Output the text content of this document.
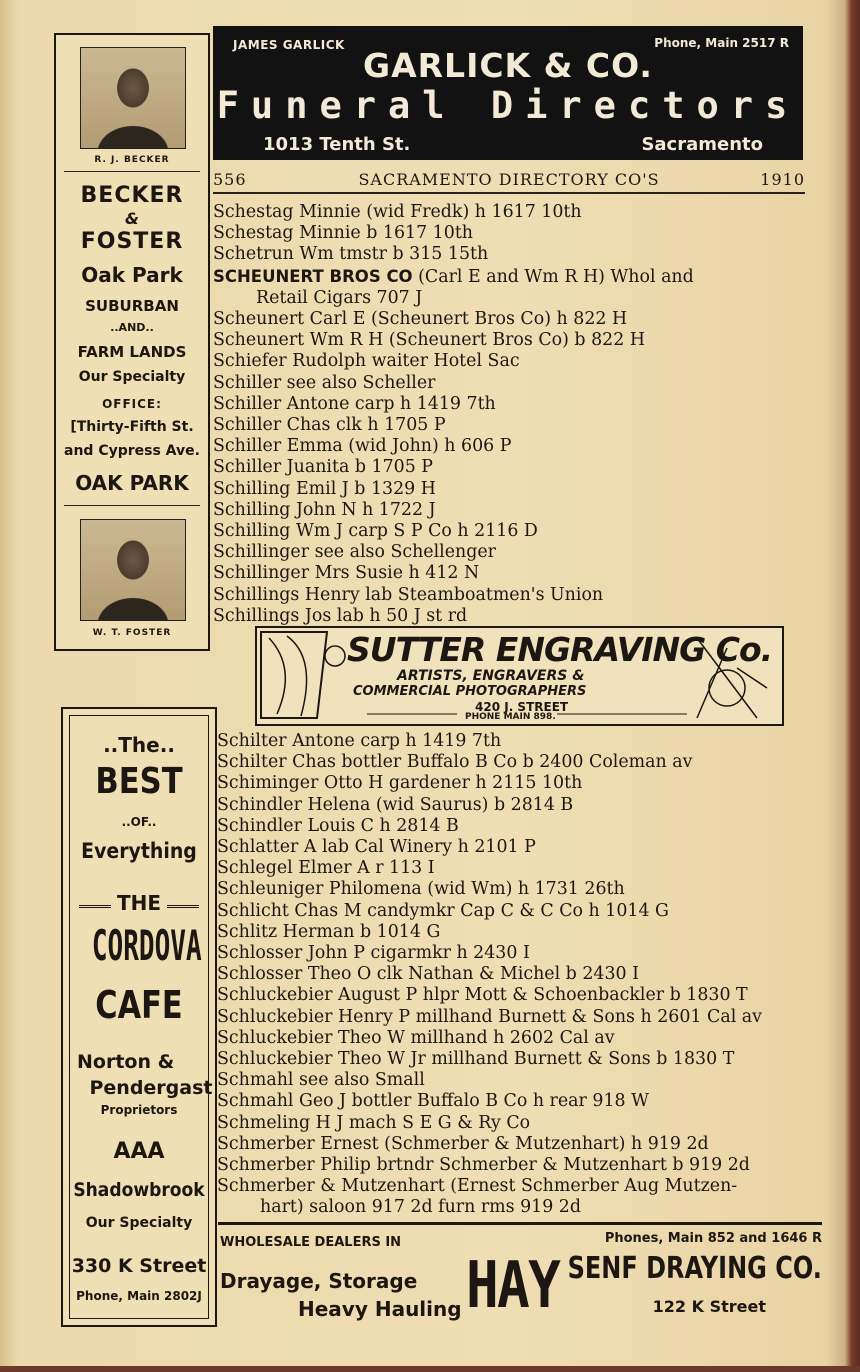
JAMES GARLICK	Phone, Main 2517 R
GARLICK & CO.
Funeral Directors
1013 Tenth St.	Sacramento
556	SACRAMENTO DIRECTORY CO'S	1910
Schestag Minnie (wid Fredk) h 1617 10th
Schestag Minnie b 1617 10th
Schetrun Wm tmstr b 315 15th
SCHEUNERT BROS CO (Carl E and Wm R H) Whol and
Retail Cigars 707 J
Scheunert Carl E (Scheunert Bros Co) h 822 H
Scheunert Wm R H (Scheunert Bros Co) b 822 H
Schiefer Rudolph waiter Hotel Sac
Schiller see also Scheller
Schiller Antone carp h 1419 7th
Schiller Chas clk h 1705 P
Schiller Emma (wid John) h 606 P
Schiller Juanita b 1705 P
Schilling Emil J b 1329 H
Schilling John N h 1722 J
Schilling Wm J carp S P Co h 2116 D
Schillinger see also Schellenger
Schillinger Mrs Susie h 412 N
Schillings Henry lab Steamboatmen's Union
Schillings Jos lab h 50 J st rd
SUTTER ENGRAVING Co.
ARTISTS, ENGRAVERS &
COMMERCIAL PHOTOGRAPHERS
420 J. STREET
PHONE MAIN 898.
Schilter Antone carp h 1419 7th
Schilter Chas bottler Buffalo B Co b 2400 Coleman av
Schiminger Otto H gardener h 2115 10th
Schindler Helena (wid Saurus) b 2814 B
Schindler Louis C h 2814 B
Schlatter A lab Cal Winery h 2101 P
Schlegel Elmer A r 113 I
Schleuniger Philomena (wid Wm) h 1731 26th
Schlicht Chas M candymkr Cap C & C Co h 1014 G
Schlitz Herman b 1014 G
Schlosser John P cigarmkr h 2430 I
Schlosser Theo O clk Nathan & Michel b 2430 I
Schluckebier August P hlpr Mott & Schoenbackler b 1830 T
Schluckebier Henry P millhand Burnett & Sons h 2601 Cal av
Schluckebier Theo W millhand h 2602 Cal av
Schluckebier Theo W Jr millhand Burnett & Sons b 1830 T
Schmahl see also Small
Schmahl Geo J bottler Buffalo B Co h rear 918 W
Schmeling H J mach S E G & Ry Co
Schmerber Ernest (Schmerber & Mutzenhart) h 919 2d
Schmerber Philip brtndr Schmerber & Mutzenhart b 919 2d
Schmerber & Mutzenhart (Ernest Schmerber Aug Mutzen-
hart) saloon 917 2d furn rms 919 2d
WHOLESALE DEALERS IN
Drayage, Storage
Heavy Hauling HAY
Phones, Main 852 and 1646 R
SENF DRAYING CO.
122 K Street
R. J. BECKER
BECKER
&
FOSTER
Oak Park
SUBURBAN
..AND..
FARM LANDS
Our Specialty
OFFICE:
[Thirty-Fifth St.
and Cypress Ave.
OAK PARK
W. T. FOSTER
..The..
BEST
..OF..
Everything
THE
CORDOVA
CAFE
Norton &
Pendergast
Proprietors
AAA
Shadowbrook
Our Specialty
330 K Street
Phone, Main 2802J
